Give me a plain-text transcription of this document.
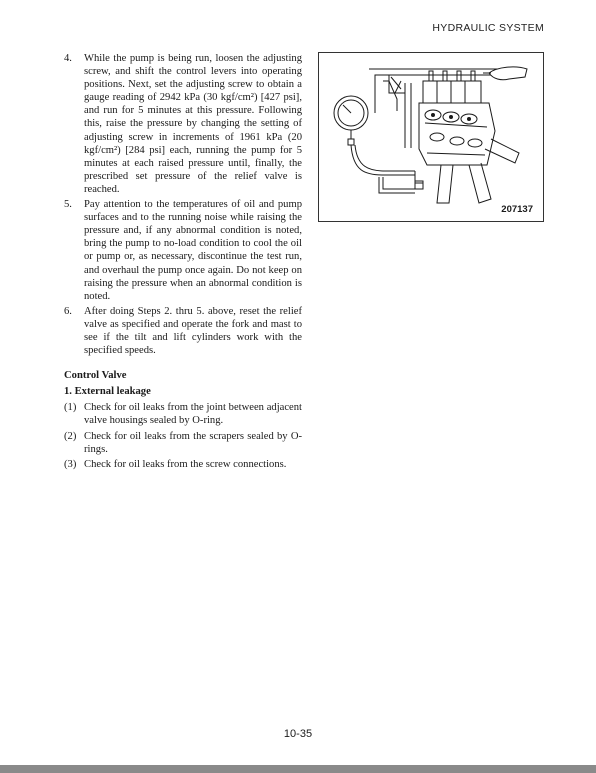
HYDRAULIC SYSTEM
4.	While the pump is being run, loosen the adjusting screw, and shift the control levers into operating positions. Next, set the adjusting screw to obtain a gauge reading of 2942 kPa (30 kgf/cm²) [427 psi], and run for 5 minutes at this pressure. Following this, raise the pressure by changing the setting of adjusting screw in increments of 1961 kPa (20 kgf/cm²) [284 psi] each, running the pump for 5 minutes at each raised pressure until, finally, the prescribed set pressure of the relief valve is reached.
5.	Pay attention to the temperatures of oil and pump surfaces and to the running noise while raising the pressure and, if any abnormal condition is noted, bring the pump to no-load condition to cool the oil or pump or, as necessary, discontinue the test run, and overhaul the pump once again. Do not keep on raising the pressure when an abnormal condition is noted.
6.	After doing Steps 2. thru 5. above, reset the relief valve as specified and operate the fork and mast to see if the tilt and lift cylinders work with the specified speeds.
Control Valve
1. External leakage
(1) Check for oil leaks from the joint between adjacent valve housings sealed by O-ring.
(2) Check for oil leaks from the scrapers sealed by O-rings.
(3) Check for oil leaks from the screw connections.
207137
10-35
